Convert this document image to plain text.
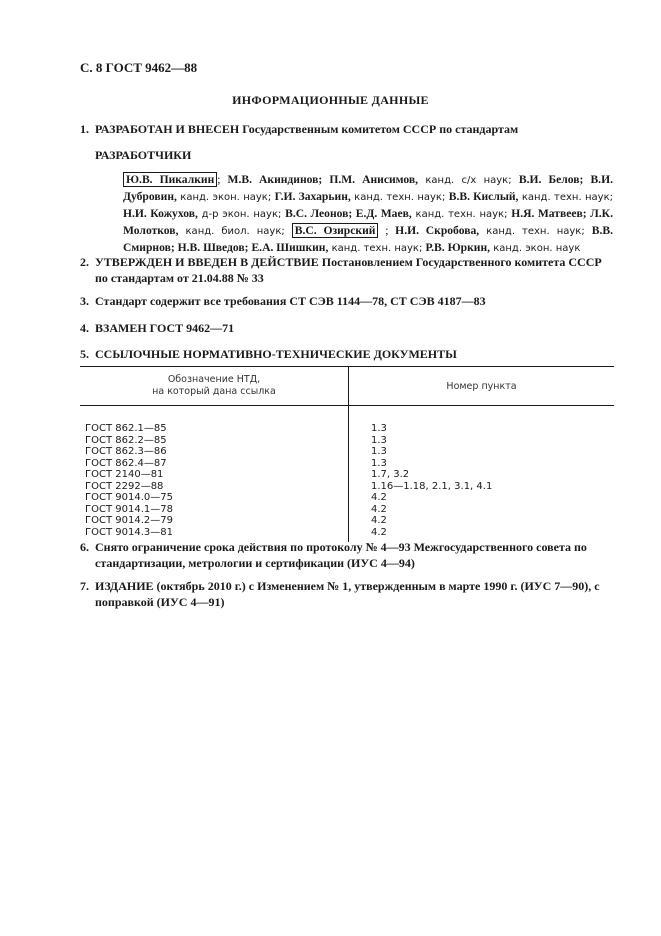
С. 8 ГОСТ 9462—88
ИНФОРМАЦИОННЫЕ ДАННЫЕ
1. РАЗРАБОТАН И ВНЕСЕН Государственным комитетом СССР по стандартам
РАЗРАБОТЧИКИ
Ю.В. Пикалкин ; М.В. Акиндинов; П.М. Анисимов, канд. с/х наук; В.И. Белов; В.И. Дубровин, канд. экон. наук; Г.И. Захарьин, канд. техн. наук; В.В. Кислый, канд. техн. наук; Н.И. Кожухов, д-р экон. наук; В.С. Леонов; Е.Д. Маев, канд. техн. наук; Н.Я. Матвеев; Л.К. Молотков, канд. биол. наук; В.С. Озирский ; Н.И. Скробова, канд. техн. наук; В.В. Смирнов; Н.В. Шведов; Е.А. Шишкин, канд. техн. наук; Р.В. Юркин, канд. экон. наук
2. УТВЕРЖДЕН И ВВЕДЕН В ДЕЙСТВИЕ Постановлением Государственного комитета СССР по стандартам от 21.04.88 № 33
3. Стандарт содержит все требования СТ СЭВ 1144—78, СТ СЭВ 4187—83
4. ВЗАМЕН ГОСТ 9462—71
5. ССЫЛОЧНЫЕ НОРМАТИВНО-ТЕХНИЧЕСКИЕ ДОКУМЕНТЫ
Обозначение НТД,
на который дана ссылка	Номер пункта
ГОСТ 862.1—85	1.3
ГОСТ 862.2—85	1.3
ГОСТ 862.3—86	1.3
ГОСТ 862.4—87	1.3
ГОСТ 2140—81	1.7, 3.2
ГОСТ 2292—88	1.16—1.18, 2.1, 3.1, 4.1
ГОСТ 9014.0—75	4.2
ГОСТ 9014.1—78	4.2
ГОСТ 9014.2—79	4.2
ГОСТ 9014.3—81	4.2
6. Снято ограничение срока действия по протоколу № 4—93 Межгосударственного совета по стандартизации, метрологии и сертификации (ИУС 4—94)
7. ИЗДАНИЕ (октябрь 2010 г.) с Изменением № 1, утвержденным в марте 1990 г. (ИУС 7—90), с поправкой (ИУС 4—91)
